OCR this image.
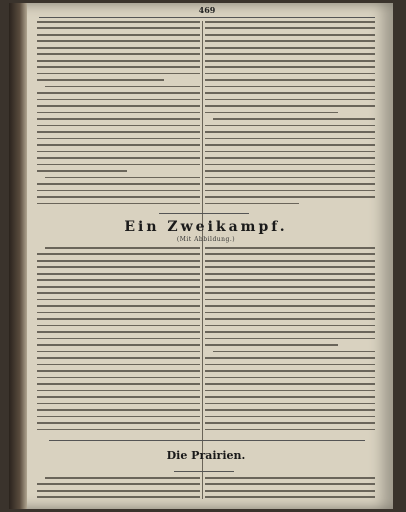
469
Ein Zweikampf.
(Mit Abbildung.)
Die Prairien.
